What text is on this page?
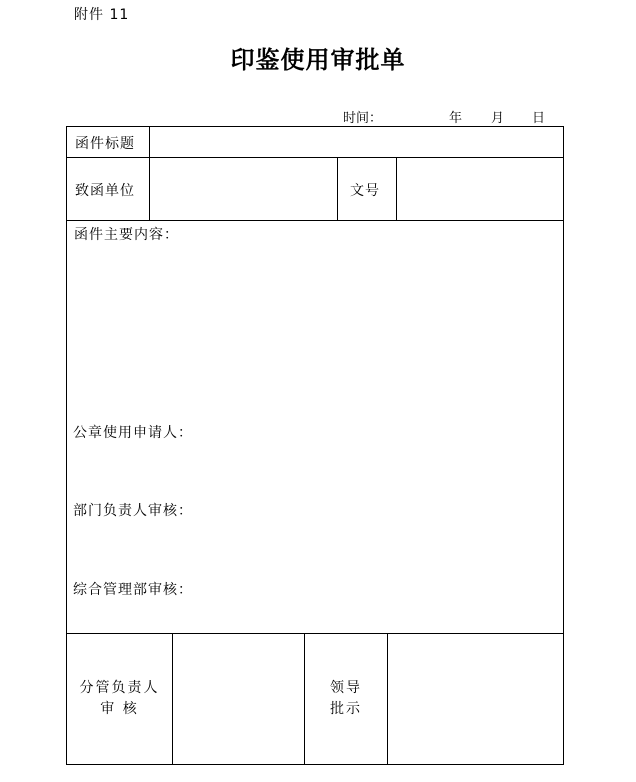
附件 11
印鉴使用审批单
时间：	年 月 日
函件标题
致函单位	文号
函件主要内容：
公章使用申请人：
部门负责人审核：
综合管理部审核：
分管负责人
审 核
领导
批示
